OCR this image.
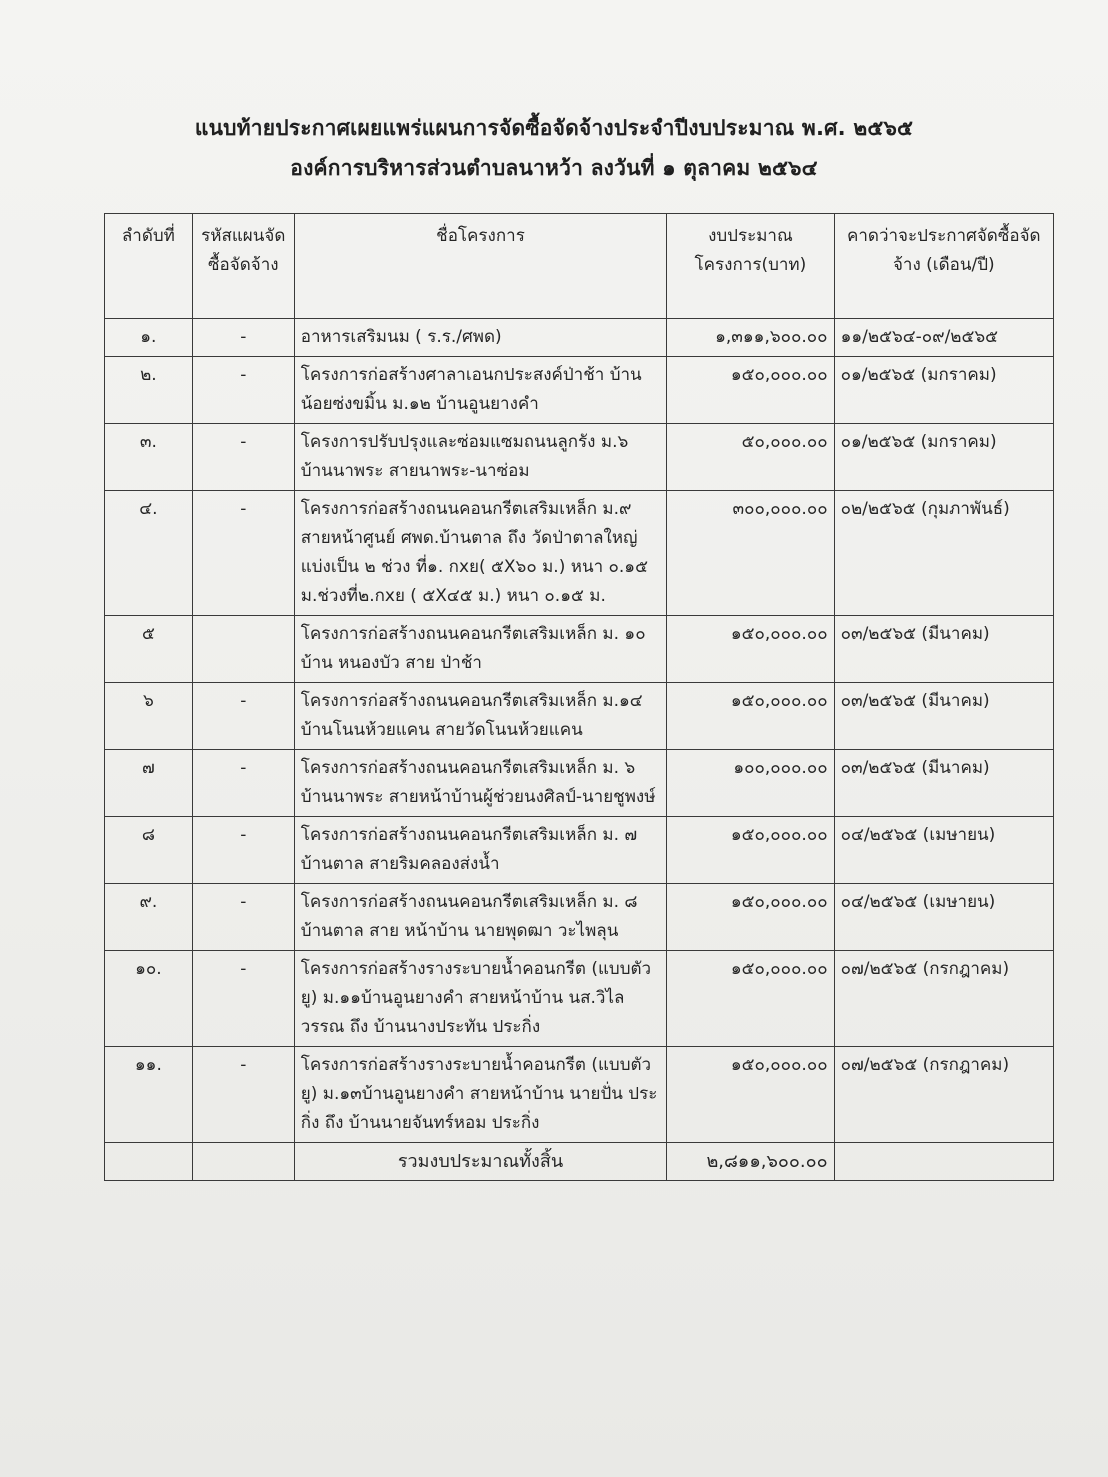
แนบท้ายประกาศเผยแพร่แผนการจัดซื้อจัดจ้างประจำปีงบประมาณ พ.ศ. ๒๕๖๕
องค์การบริหารส่วนตำบลนาหว้า ลงวันที่ ๑ ตุลาคม ๒๕๖๔
ลำดับที่	รหัสแผนจัดซื้อจัดจ้าง	ชื่อโครงการ	งบประมาณโครงการ(บาท)	คาดว่าจะประกาศจัดซื้อจัดจ้าง (เดือน/ปี)
๑.	-	อาหารเสริมนม ( ร.ร./ศพด)	๑,๓๑๑,๖๐๐.๐๐	๑๑/๒๕๖๔-๐๙/๒๕๖๕
๒.	-	โครงการก่อสร้างศาลาเอนกประสงค์ป่าช้า บ้านน้อยซ่งขมิ้น ม.๑๒ บ้านอูนยางคำ	๑๕๐,๐๐๐.๐๐	๐๑/๒๕๖๕ (มกราคม)
๓.	-	โครงการปรับปรุงและซ่อมแซมถนนลูกรัง ม.๖ บ้านนาพระ สายนาพระ-นาซ่อม	๕๐,๐๐๐.๐๐	๐๑/๒๕๖๕ (มกราคม)
๔.	-	โครงการก่อสร้างถนนคอนกรีตเสริมเหล็ก ม.๙ สายหน้าศูนย์ ศพด.บ้านตาล ถึง วัดป่าตาลใหญ่ แบ่งเป็น ๒ ช่วง ที่๑. กxย( ๕X๖๐ ม.) หนา ๐.๑๕ ม.ช่วงที่๒.กxย ( ๕X๔๕ ม.) หนา ๐.๑๕ ม.	๓๐๐,๐๐๐.๐๐	๐๒/๒๕๖๕ (กุมภาพันธ์)
๕		โครงการก่อสร้างถนนคอนกรีตเสริมเหล็ก ม. ๑๐ บ้าน หนองบัว สาย ป่าช้า	๑๕๐,๐๐๐.๐๐	๐๓/๒๕๖๕ (มีนาคม)
๖	-	โครงการก่อสร้างถนนคอนกรีตเสริมเหล็ก ม.๑๔ บ้านโนนห้วยแคน สายวัดโนนห้วยแคน	๑๕๐,๐๐๐.๐๐	๐๓/๒๕๖๕ (มีนาคม)
๗	-	โครงการก่อสร้างถนนคอนกรีตเสริมเหล็ก ม. ๖ บ้านนาพระ สายหน้าบ้านผู้ช่วยนงศิลป์-นายชูพงษ์	๑๐๐,๐๐๐.๐๐	๐๓/๒๕๖๕ (มีนาคม)
๘	-	โครงการก่อสร้างถนนคอนกรีตเสริมเหล็ก ม. ๗ บ้านตาล สายริมคลองส่งน้ำ	๑๕๐,๐๐๐.๐๐	๐๔/๒๕๖๕ (เมษายน)
๙.	-	โครงการก่อสร้างถนนคอนกรีตเสริมเหล็ก ม. ๘ บ้านตาล สาย หน้าบ้าน นายพุดฒา วะไพลุน	๑๕๐,๐๐๐.๐๐	๐๔/๒๕๖๕ (เมษายน)
๑๐.	-	โครงการก่อสร้างรางระบายน้ำคอนกรีต (แบบตัว ยู) ม.๑๑บ้านอูนยางคำ สายหน้าบ้าน นส.วิไลวรรณ ถึง บ้านนางประทัน ประกิ่ง	๑๕๐,๐๐๐.๐๐	๐๗/๒๕๖๕ (กรกฎาคม)
๑๑.	-	โครงการก่อสร้างรางระบายน้ำคอนกรีต (แบบตัว ยู) ม.๑๓บ้านอูนยางคำ สายหน้าบ้าน นายปั่น ประกิ่ง ถึง บ้านนายจันทร์หอม ประกิ่ง	๑๕๐,๐๐๐.๐๐	๐๗/๒๕๖๕ (กรกฎาคม)
		รวมงบประมาณทั้งสิ้น	๒,๘๑๑,๖๐๐.๐๐	
